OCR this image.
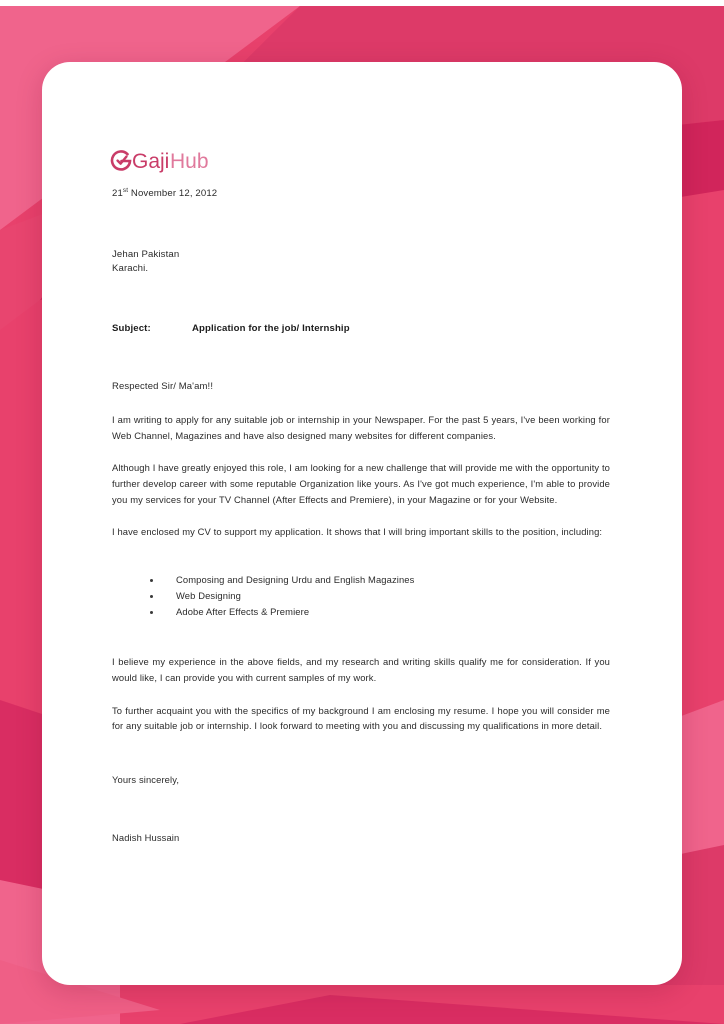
Gaji Hub

21st November 12, 2012

Jehan Pakistan
Karachi.
Subject:	Application for the job/ Internship

Respected Sir/ Ma'am!!

I am writing to apply for any suitable job or internship in your Newspaper. For the past 5 years, I've been working for Web Channel, Magazines and have also designed many websites for different companies.

Although I have greatly enjoyed this role, I am looking for a new challenge that will provide me with the opportunity to further develop career with some reputable Organization like yours. As I've got much experience, I'm able to provide you my services for your TV Channel (After Effects and Premiere), in your Magazine or for your Website.

I have enclosed my CV to support my application. It shows that I will bring important skills to the position, including:

Composing and Designing Urdu and English Magazines
Web Designing
Adobe After Effects & Premiere

I believe my experience in the above fields, and my research and writing skills qualify me for consideration. If you would like, I can provide you with current samples of my work.

To further acquaint you with the specifics of my background I am enclosing my resume. I hope you will consider me for any suitable job or internship. I look forward to meeting with you and discussing my qualifications in more detail.

Yours sincerely,

Nadish Hussain
